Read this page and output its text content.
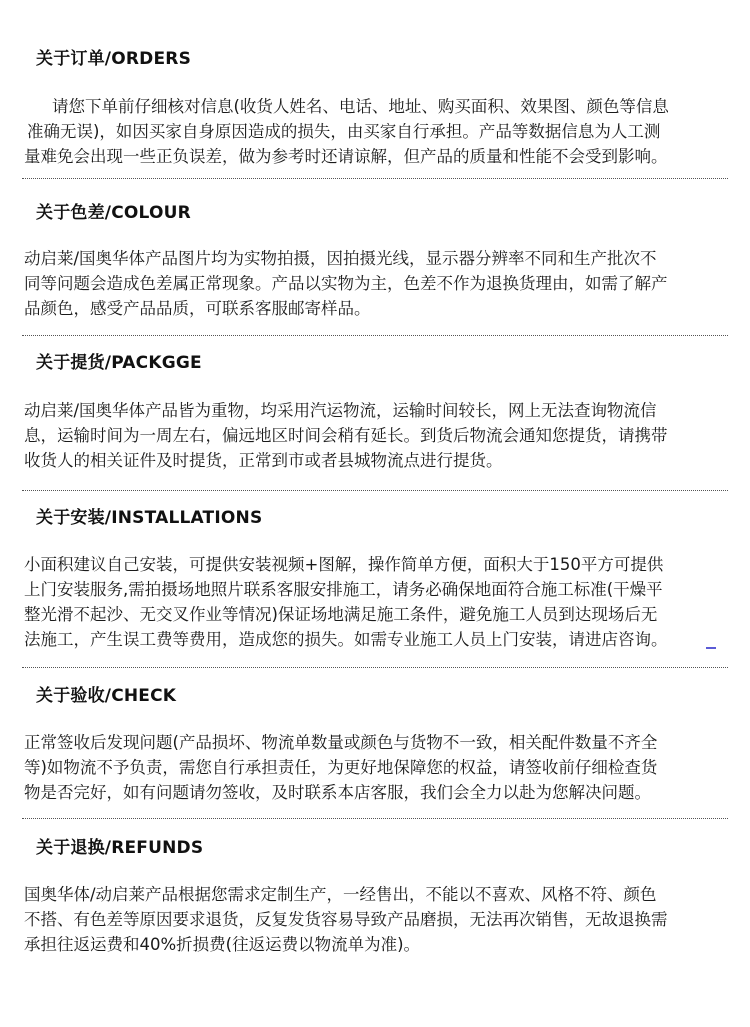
关于订单/ORDERS
请您下单前仔细核对信息(收货人姓名、电话、地址、购买面积、效果图、颜色等信息
准确无误)，如因买家自身原因造成的损失，由买家自行承担。产品等数据信息为人工测
量难免会出现一些正负误差，做为参考时还请谅解，但产品的质量和性能不会受到影响。
关于色差/COLOUR
动启莱/国奥华体产品图片均为实物拍摄，因拍摄光线，显示器分辨率不同和生产批次不
同等问题会造成色差属正常现象。产品以实物为主，色差不作为退换货理由，如需了解产
品颜色，感受产品品质，可联系客服邮寄样品。
关于提货/PACKGGE
动启莱/国奥华体产品皆为重物，均采用汽运物流，运输时间较长，网上无法查询物流信
息，运输时间为一周左右，偏远地区时间会稍有延长。到货后物流会通知您提货，请携带
收货人的相关证件及时提货，正常到市或者县城物流点进行提货。
关于安装/INSTALLATIONS
小面积建议自己安装，可提供安装视频+图解，操作简单方便，面积大于150平方可提供
上门安装服务,需拍摄场地照片联系客服安排施工，请务必确保地面符合施工标准(干燥平
整光滑不起沙、无交叉作业等情况)保证场地满足施工条件，避免施工人员到达现场后无
法施工，产生误工费等费用，造成您的损失。如需专业施工人员上门安装，请进店咨询。
关于验收/CHECK
正常签收后发现问题(产品损坏、物流单数量或颜色与货物不一致，相关配件数量不齐全
等)如物流不予负责，需您自行承担责任，为更好地保障您的权益，请签收前仔细检查货
物是否完好，如有问题请勿签收，及时联系本店客服，我们会全力以赴为您解决问题。
关于退换/REFUNDS
国奥华体/动启莱产品根据您需求定制生产，一经售出，不能以不喜欢、风格不符、颜色
不搭、有色差等原因要求退货，反复发货容易导致产品磨损，无法再次销售，无故退换需
承担往返运费和40%折损费(往返运费以物流单为准)。
